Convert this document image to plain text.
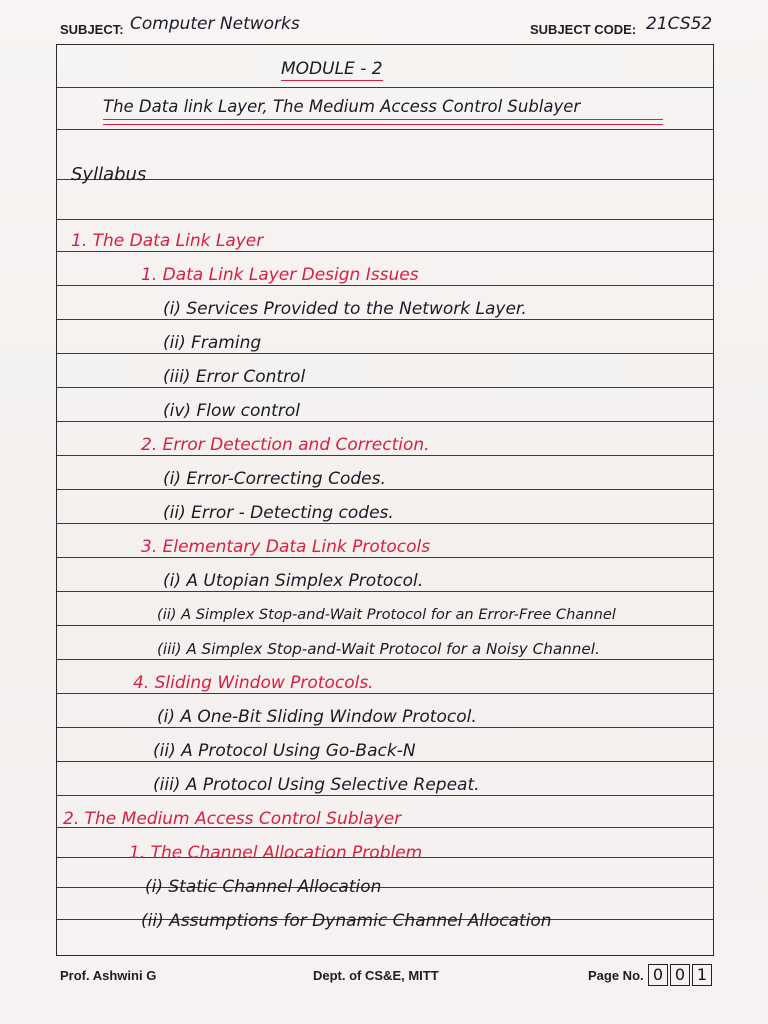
SUBJECT: Computer Networks	SUBJECT CODE: 21CS52
MODULE - 2
The Data link Layer, The Medium Access Control Sublayer
Syllabus
1. The Data Link Layer
1. Data Link Layer Design Issues
(i) Services Provided to the Network Layer.
(ii) Framing
(iii) Error Control
(iv) Flow control
2. Error Detection and Correction.
(i) Error-Correcting Codes.
(ii) Error - Detecting codes.
3. Elementary Data Link Protocols
(i) A Utopian Simplex Protocol.
(ii) A Simplex Stop-and-Wait Protocol for an Error-Free Channel
(iii) A Simplex Stop-and-Wait Protocol for a Noisy Channel.
4. Sliding Window Protocols.
(i) A One-Bit Sliding Window Protocol.
(ii) A Protocol Using Go-Back-N
(iii) A Protocol Using Selective Repeat.
2. The Medium Access Control Sublayer
1. The Channel Allocation Problem
(i) Static Channel Allocation
(ii) Assumptions for Dynamic Channel Allocation
Prof. Ashwini G	Dept. of CS&E, MITT	Page No. 0 0 1
